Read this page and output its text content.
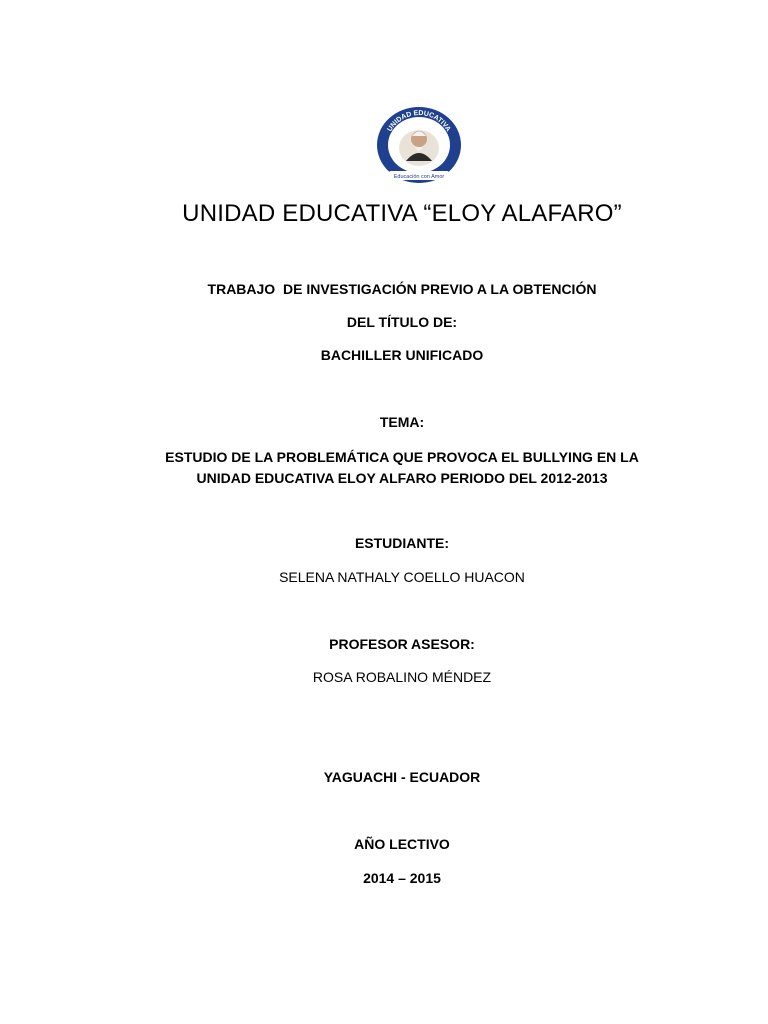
UNIDAD EDUCATIVA
Educación con Amor

UNIDAD EDUCATIVA “ELOY ALAFARO”

TRABAJO  DE INVESTIGACIÓN PREVIO A LA OBTENCIÓN

DEL TÍTULO DE:

BACHILLER UNIFICADO

TEMA:

ESTUDIO DE LA PROBLEMÁTICA QUE PROVOCA EL BULLYING EN LA
UNIDAD EDUCATIVA ELOY ALFARO PERIODO DEL 2012-2013

ESTUDIANTE:

SELENA NATHALY COELLO HUACON

PROFESOR ASESOR:

ROSA ROBALINO MÉNDEZ

YAGUACHI - ECUADOR

AÑO LECTIVO

2014 – 2015
